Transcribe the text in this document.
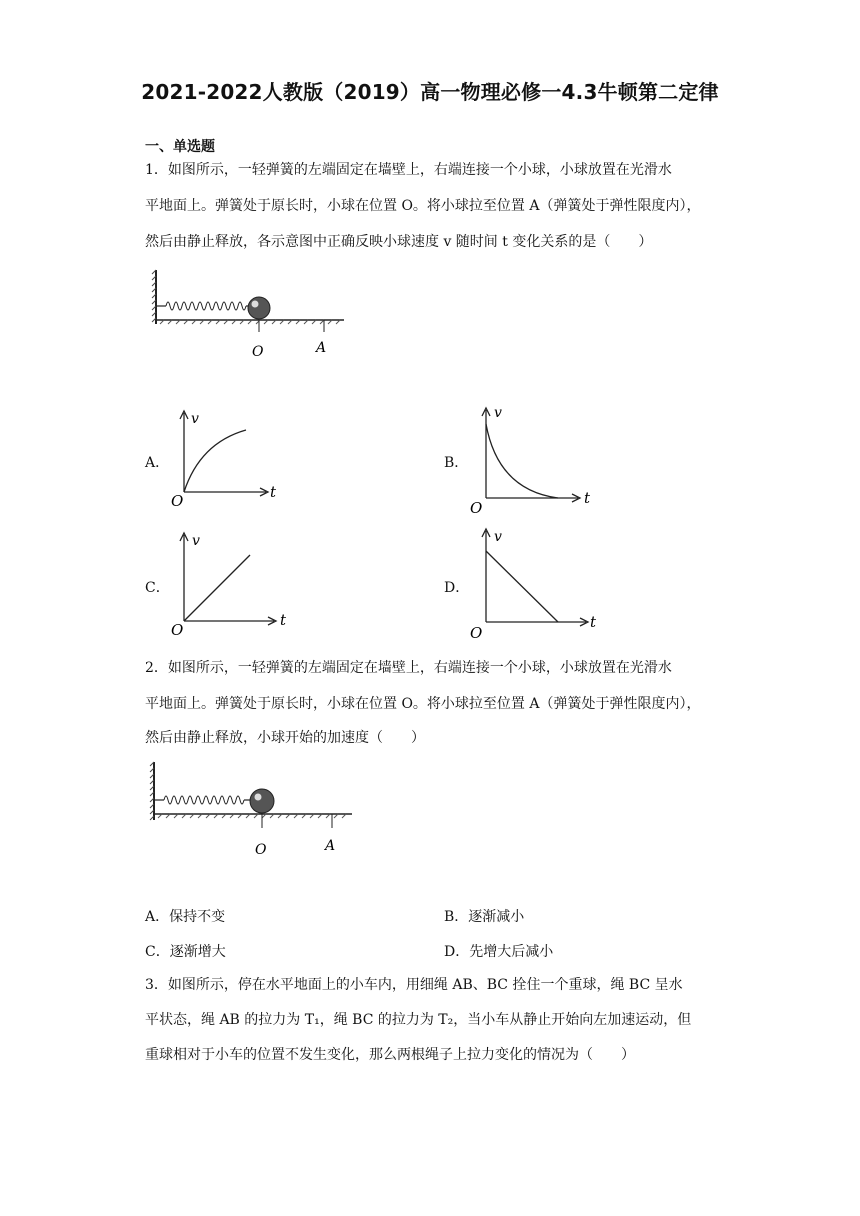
2021-2022人教版（2019）高一物理必修一4.3牛顿第二定律
一、单选题
1．如图所示，一轻弹簧的左端固定在墙壁上，右端连接一个小球，小球放置在光滑水
平地面上。弹簧处于原长时，小球在位置 O。将小球拉至位置 A（弹簧处于弹性限度内），
然后由静止释放，各示意图中正确反映小球速度 v 随时间 t 变化关系的是（　　）
O	A
A．
v
t
O
B．
v
t
O
C．
v
t
O
D．
v
t
O
2．如图所示，一轻弹簧的左端固定在墙壁上，右端连接一个小球，小球放置在光滑水
平地面上。弹簧处于原长时，小球在位置 O。将小球拉至位置 A（弹簧处于弹性限度内），
然后由静止释放，小球开始的加速度（　　）
O	A
A．保持不变	B．逐渐减小
C．逐渐增大	D．先增大后减小
3．如图所示，停在水平地面上的小车内，用细绳 AB、BC 拴住一个重球，绳 BC 呈水
平状态，绳 AB 的拉力为 T₁，绳 BC 的拉力为 T₂，当小车从静止开始向左加速运动，但
重球相对于小车的位置不发生变化，那么两根绳子上拉力变化的情况为（　　）
